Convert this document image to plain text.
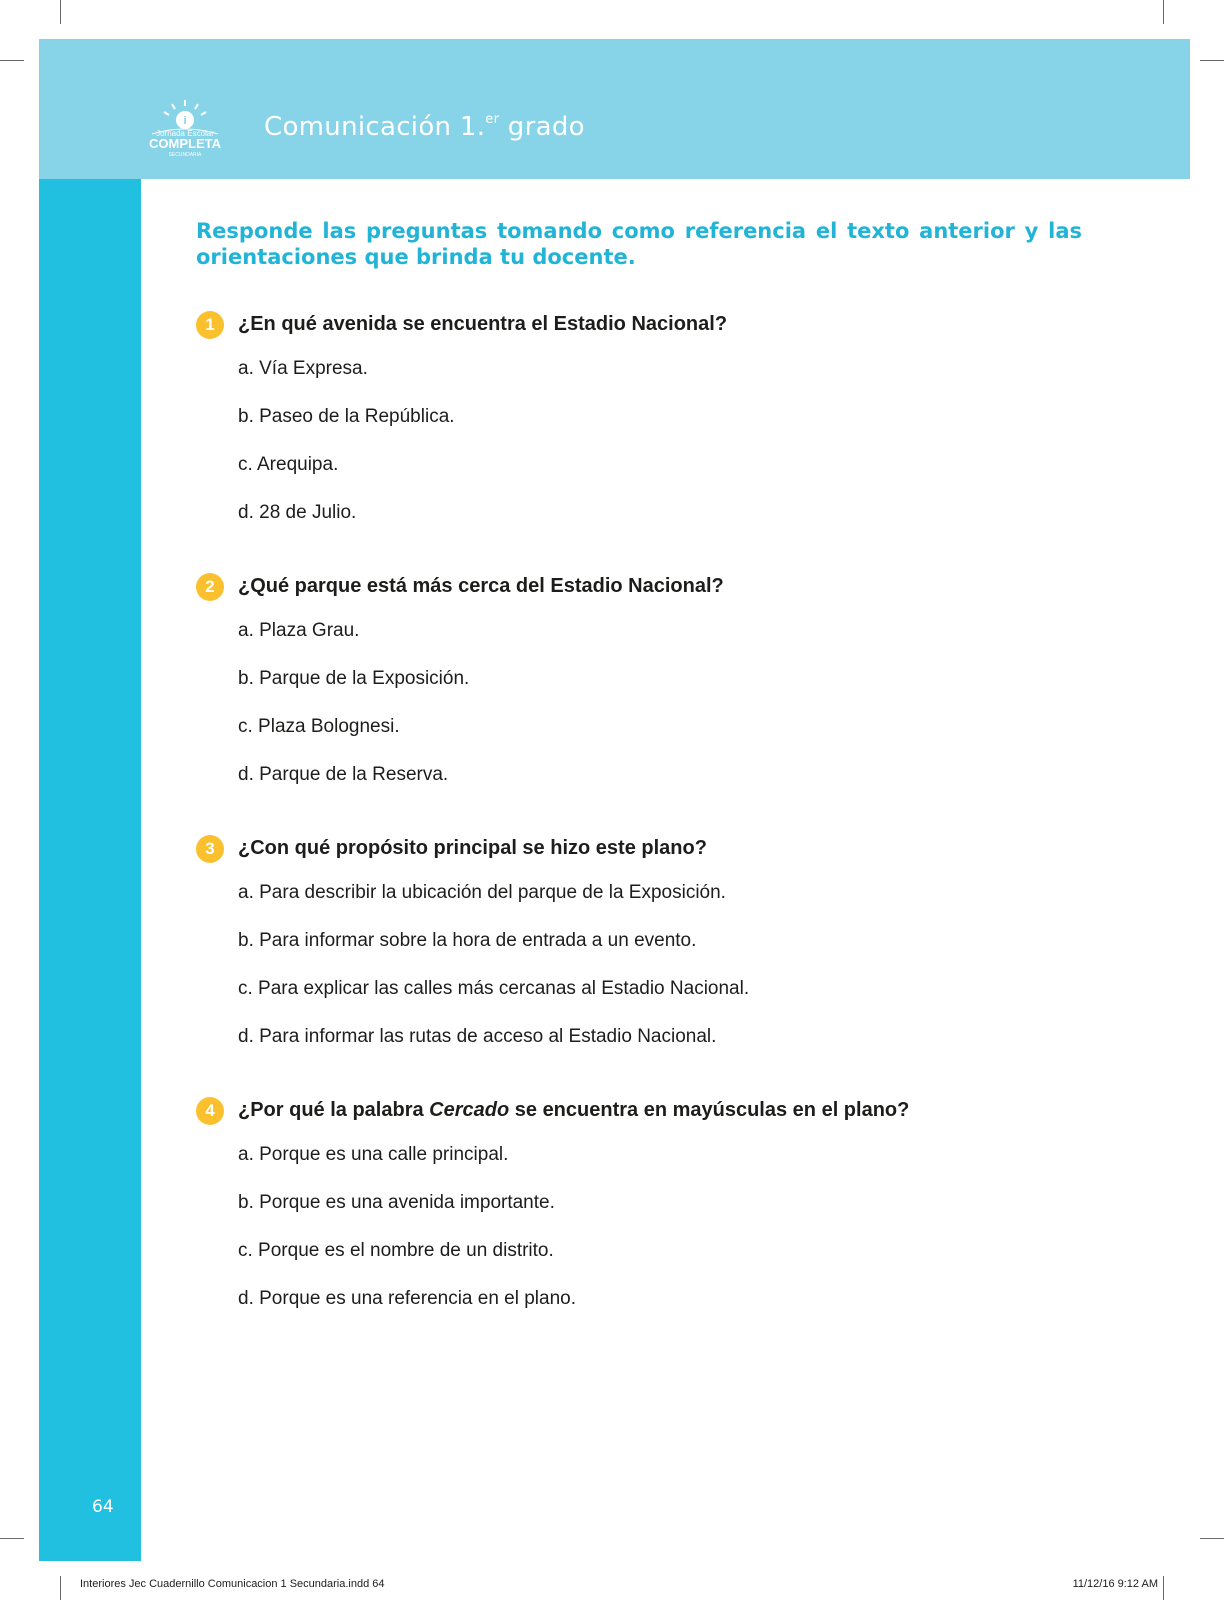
i
Jornada Escolar
COMPLETA
SECUNDARIA
Comunicación 1.$^{er}$ grado
Responde las preguntas tomando como referencia el texto anterior y las orientaciones que brinda tu docente.
1	¿En qué avenida se encuentra el Estadio Nacional?
a. Vía Expresa.
b. Paseo de la República.
c. Arequipa.
d. 28 de Julio.
2	¿Qué parque está más cerca del Estadio Nacional?
a. Plaza Grau.
b. Parque de la Exposición.
c. Plaza Bolognesi.
d. Parque de la Reserva.
3	¿Con qué propósito principal se hizo este plano?
a. Para describir la ubicación del parque de la Exposición.
b. Para informar sobre la hora de entrada a un evento.
c. Para explicar las calles más cercanas al Estadio Nacional.
d. Para informar las rutas de acceso al Estadio Nacional.
4	¿Por qué la palabra Cercado se encuentra en mayúsculas en el plano?
a. Porque es una calle principal.
b. Porque es una avenida importante.
c. Porque es el nombre de un distrito.
d. Porque es una referencia en el plano.
64
Interiores Jec Cuadernillo Comunicacion 1 Secundaria.indd 64	11/12/16 9:12 AM
